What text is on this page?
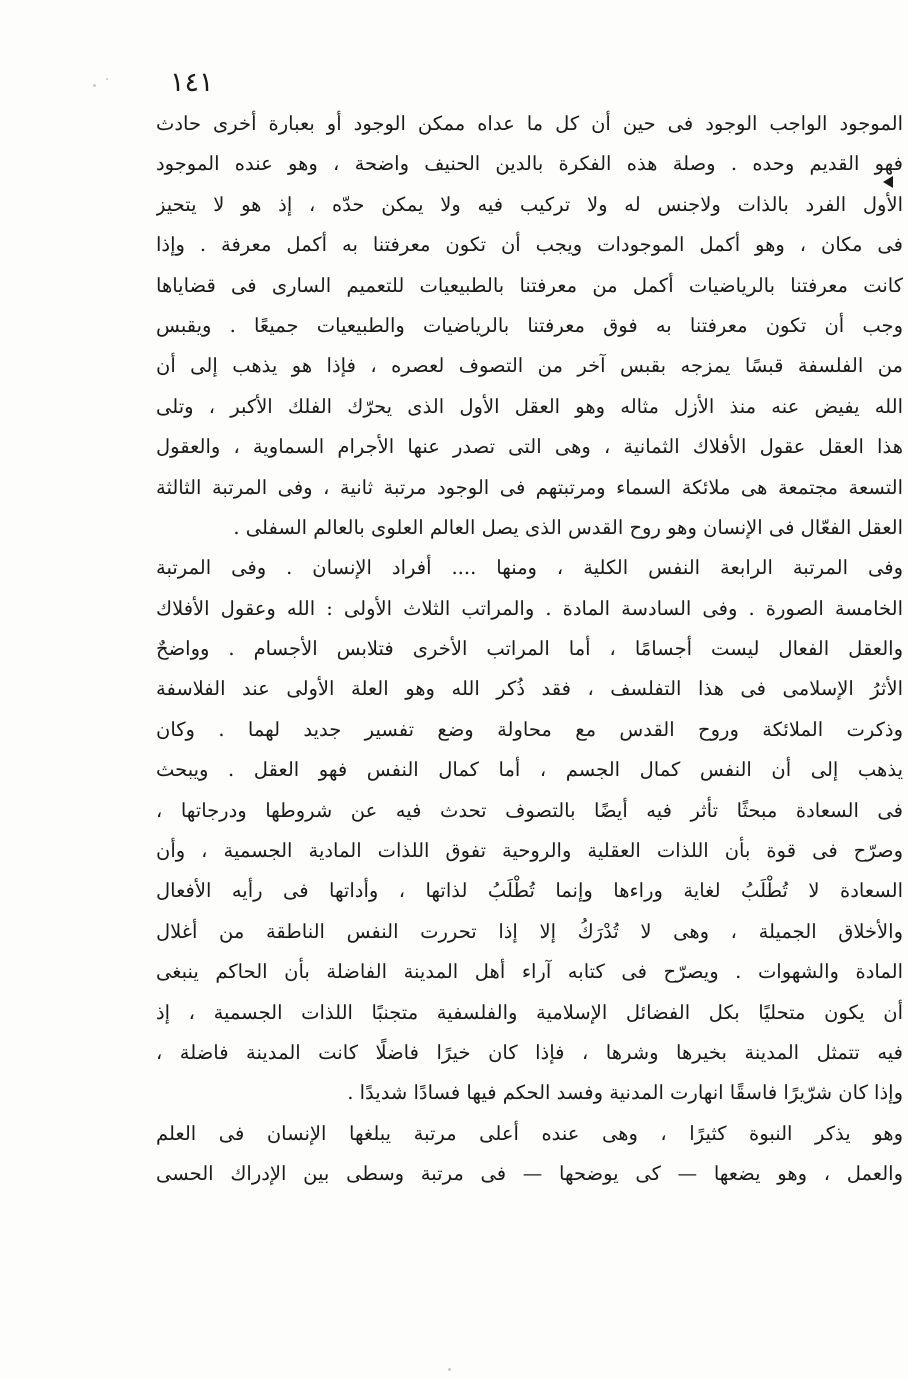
١٤١
الموجود الواجب الوجود فى حين أن كل ما عداه ممكن الوجود أو بعبارة أخرى حادث
فهو القديم وحده . وصلة هذه الفكرة بالدين الحنيف واضحة ، وهو عنده الموجود
الأول الفرد بالذات ولاجنس له ولا تركيب فيه ولا يمكن حدّه ، إذ هو لا يتحيز
فى مكان ، وهو أكمل الموجودات ويجب أن تكون معرفتنا به أكمل معرفة . وإذا
كانت معرفتنا بالرياضيات أكمل من معرفتنا بالطبيعيات للتعميم السارى فى قضاياها
وجب أن تكون معرفتنا به فوق معرفتنا بالرياضيات والطبيعيات جميعًا . ويقبس
من الفلسفة قبسًا يمزجه بقبس آخر من التصوف لعصره ، فإذا هو يذهب إلى أن
الله يفيض عنه منذ الأزل مثاله وهو العقل الأول الذى يحرّك الفلك الأكبر ، وتلى
هذا العقل عقول الأفلاك الثمانية ، وهى التى تصدر عنها الأجرام السماوية ، والعقول
التسعة مجتمعة هى ملائكة السماء ومرتبتهم فى الوجود مرتبة ثانية ، وفى المرتبة الثالثة
العقل الفعّال فى الإنسان وهو روح القدس الذى يصل العالم العلوى بالعالم السفلى .
وفى المرتبة الرابعة النفس الكلية ، ومنها .... أفراد الإنسان . وفى المرتبة
الخامسة الصورة . وفى السادسة المادة . والمراتب الثلاث الأولى : الله وعقول الأفلاك
والعقل الفعال ليست أجسامًا ، أما المراتب الأخرى فتلابس الأجسام . وواضحٌ
الأثرُ الإسلامى فى هذا التفلسف ، فقد ذُكر الله وهو العلة الأولى عند الفلاسفة
وذكرت الملائكة وروح القدس مع محاولة وضع تفسير جديد لهما . وكان
يذهب إلى أن النفس كمال الجسم ، أما كمال النفس فهو العقل . ويبحث
فى السعادة مبحثًا تأثر فيه أيضًا بالتصوف تحدث فيه عن شروطها ودرجاتها ،
وصرّح فى قوة بأن اللذات العقلية والروحية تفوق اللذات المادية الجسمية ، وأن
السعادة لا تُطْلَبُ لغاية وراءها وإنما تُطْلَبُ لذاتها ، وأداتها فى رأيه الأفعال
والأخلاق الجميلة ، وهى لا تُدْرَكُ إلا إذا تحررت النفس الناطقة من أغلال
المادة والشهوات . ويصرّح فى كتابه آراء أهل المدينة الفاضلة بأن الحاكم ينبغى
أن يكون متحليًا بكل الفضائل الإسلامية والفلسفية متجنبًا اللذات الجسمية ، إذ
فيه تتمثل المدينة بخيرها وشرها ، فإذا كان خيرًا فاضلًا كانت المدينة فاضلة ،
وإذا كان شرّيرًا فاسقًا انهارت المدنية وفسد الحكم فيها فسادًا شديدًا .
وهو يذكر النبوة كثيرًا ، وهى عنده أعلى مرتبة يبلغها الإنسان فى العلم
والعمل ، وهو يضعها — كى يوضحها — فى مرتبة وسطى بين الإدراك الحسى
